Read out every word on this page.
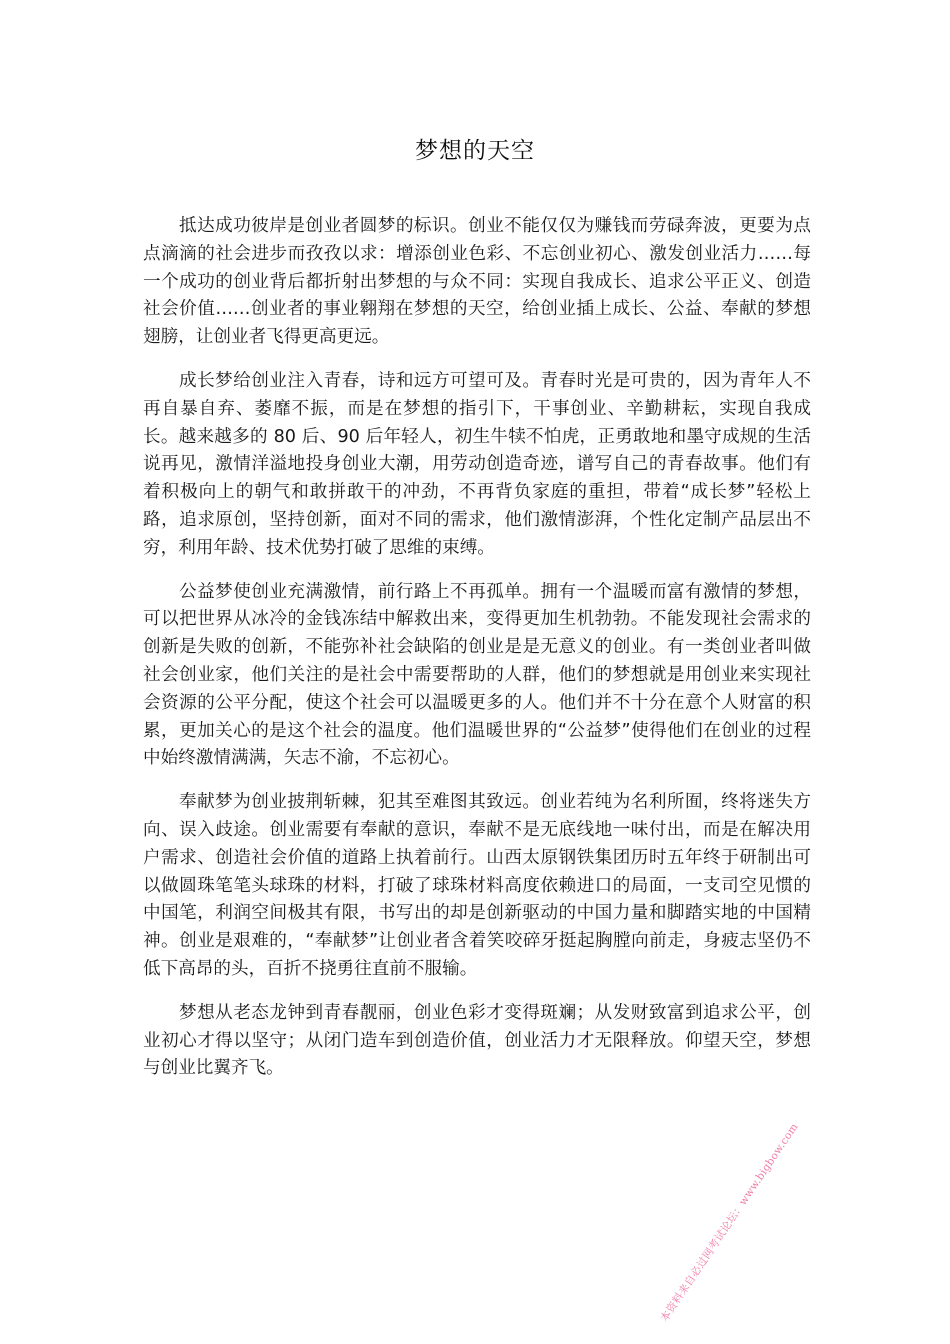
梦想的天空

抵达成功彼岸是创业者圆梦的标识。创业不能仅仅为赚钱而劳碌奔波，更要为点点滴滴的社会进步而孜孜以求：增添创业色彩、不忘创业初心、激发创业活力……每一个成功的创业背后都折射出梦想的与众不同：实现自我成长、追求公平正义、创造社会价值……创业者的事业翱翔在梦想的天空，给创业插上成长、公益、奉献的梦想翅膀，让创业者飞得更高更远。

成长梦给创业注入青春，诗和远方可望可及。青春时光是可贵的，因为青年人不再自暴自弃、萎靡不振，而是在梦想的指引下，干事创业、辛勤耕耘，实现自我成长。越来越多的 80 后、90 后年轻人，初生牛犊不怕虎，正勇敢地和墨守成规的生活说再见，激情洋溢地投身创业大潮，用劳动创造奇迹，谱写自己的青春故事。他们有着积极向上的朝气和敢拼敢干的冲劲，不再背负家庭的重担，带着“成长梦”轻松上路，追求原创，坚持创新，面对不同的需求，他们激情澎湃，个性化定制产品层出不穷，利用年龄、技术优势打破了思维的束缚。

公益梦使创业充满激情，前行路上不再孤单。拥有一个温暖而富有激情的梦想，可以把世界从冰冷的金钱冻结中解救出来，变得更加生机勃勃。不能发现社会需求的创新是失败的创新，不能弥补社会缺陷的创业是是无意义的创业。有一类创业者叫做社会创业家，他们关注的是社会中需要帮助的人群，他们的梦想就是用创业来实现社会资源的公平分配，使这个社会可以温暖更多的人。他们并不十分在意个人财富的积累，更加关心的是这个社会的温度。他们温暖世界的“公益梦”使得他们在创业的过程中始终激情满满，矢志不渝，不忘初心。

奉献梦为创业披荆斩棘，犯其至难图其致远。创业若纯为名利所囿，终将迷失方向、误入歧途。创业需要有奉献的意识，奉献不是无底线地一味付出，而是在解决用户需求、创造社会价值的道路上执着前行。山西太原钢铁集团历时五年终于研制出可以做圆珠笔笔头球珠的材料，打破了球珠材料高度依赖进口的局面，一支司空见惯的中国笔，利润空间极其有限，书写出的却是创新驱动的中国力量和脚踏实地的中国精神。创业是艰难的，“奉献梦”让创业者含着笑咬碎牙挺起胸膛向前走，身疲志坚仍不低下高昂的头，百折不挠勇往直前不服输。

梦想从老态龙钟到青春靓丽，创业色彩才变得斑斓；从发财致富到追求公平，创业初心才得以坚守；从闭门造车到创造价值，创业活力才无限释放。仰望天空，梦想与创业比翼齐飞。

本资料来自必过网考试论坛：www.bigbow.com
